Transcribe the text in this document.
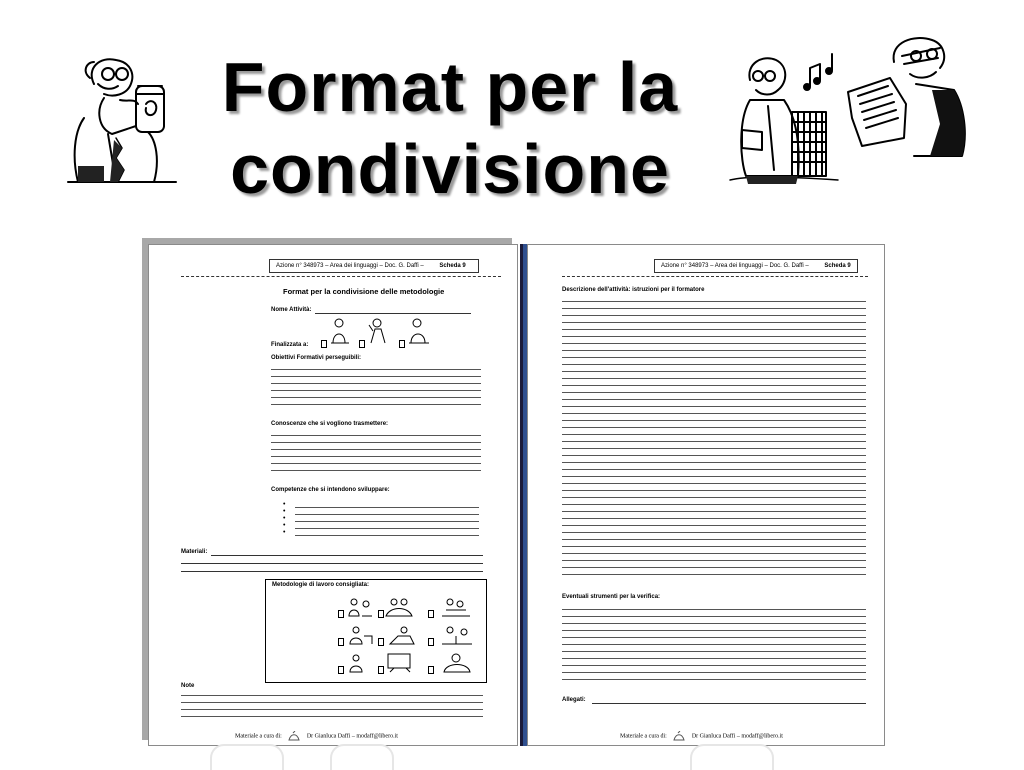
Format per la
condivisione
Azione n° 348973 – Area dei linguaggi – Doc. G. Daffi –	Scheda 9
Format per la condivisione delle metodologie
Nome Attività:
Finalizzata a:
Obiettivi Formativi perseguibili:
Conoscenze che si vogliono trasmettere:
Competenze che si intendono sviluppare:
•
•
•
•
•
Materiali:
Metodologie di lavoro consigliata:
Note
Materiale a cura di:	Dr Gianluca Daffi – modaff@libero.it
Azione n° 348973 – Area dei linguaggi – Doc. G. Daffi –	Scheda 9
Descrizione dell'attività: istruzioni per il formatore
Eventuali strumenti per la verifica:
Allegati:
Materiale a cura di:	Dr Gianluca Daffi – modaff@libero.it
